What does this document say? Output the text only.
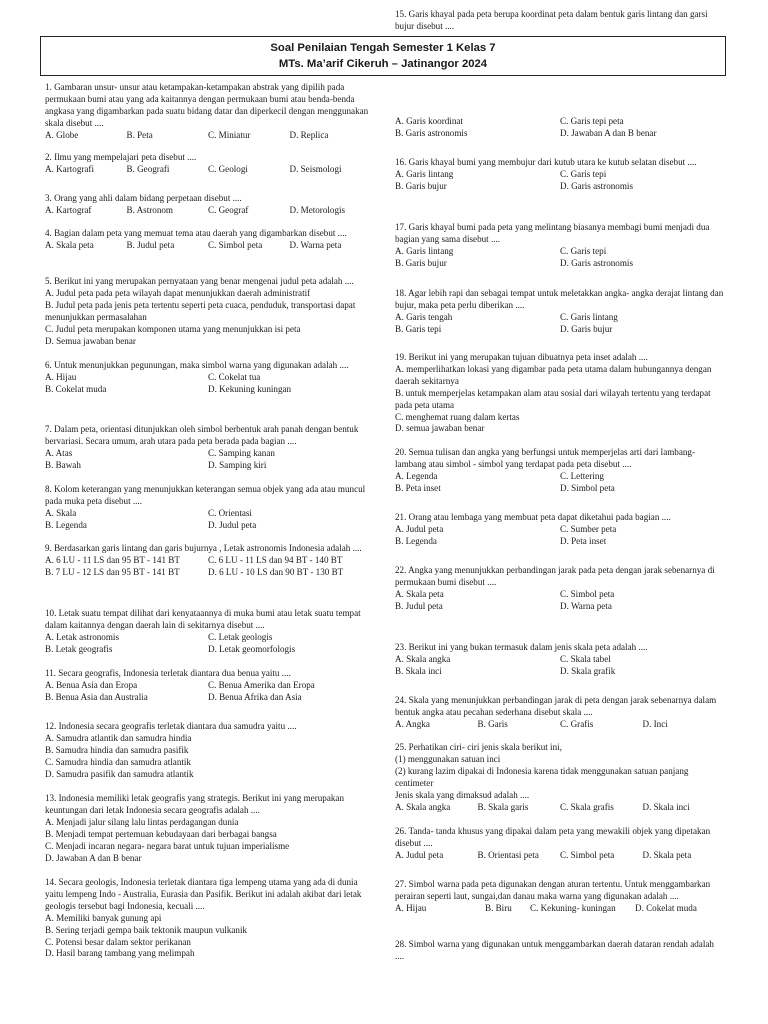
15. Garis khayal pada peta berupa koordinat peta dalam bentuk garis lintang dan garsi bujur disebut ....
Soal Penilaian Tengah Semester 1 Kelas 7
MTs. Ma’arif Cikeruh – Jatinangor 2024
1. Gambaran unsur- unsur atau ketampakan-ketampakan abstrak yang dipilih pada permukaan bumi atau yang ada kaitannya dengan permukaan bumi atau benda-benda angkasa yang digambarkan pada suatu bidang datar dan diperkecil dengan menggunakan skala disebut ....
A. Globe	B. Peta	C. Miniatur	D. Replica
2. Ilmu yang mempelajari peta disebut ....
A. Kartografi	B. Geografi	C. Geologi	D. Seismologi
3. Orang yang ahli dalam bidang perpetaan disebut ....
A. Kartograf	B. Astronom	C. Geograf	D. Metorologis
4. Bagian dalam peta yang memuat tema atau daerah yang digambarkan disebut ....
A. Skala peta	B. Judul peta	C. Simbol peta	D. Warna peta
5. Berikut ini yang merupakan pernyataan yang benar mengenai judul peta adalah ....
A. Judul peta pada peta wilayah dapat menunjukkan daerah administratif
B. Judul peta pada jenis peta tertentu seperti peta cuaca, penduduk, transportasi dapat menunjukkan permasalahan
C. Judul peta merupakan komponen utama yang menunjukkan isi peta
D. Semua jawaban benar
6. Untuk menunjukkan pegunungan, maka simbol warna yang digunakan adalah ....
A. Hijau	C. Cokelat tua
B. Cokelat muda	D. Kekuning kuningan
7. Dalam peta, orientasi ditunjukkan oleh simbol berbentuk arah panah dengan bentuk bervariasi. Secara umum, arah utara pada peta berada pada bagian ....
A. Atas	C. Samping kanan
B. Bawah	D. Samping kiri
8. Kolom keterangan yang menunjukkan keterangan semua objek yang ada atau muncul pada muka peta disebut ....
A. Skala	C. Orientasi
B. Legenda	D. Judul peta
9. Berdasarkan garis lintang dan garis bujurnya , Letak astronomis Indonesia adalah ....
A. 6 LU - 11 LS dan 95 BT - 141 BT	C. 6 LU - 11 LS dan 94 BT - 140 BT
B. 7 LU - 12 LS dan 95 BT - 141 BT	D. 6 LU - 10 LS dan 90 BT - 130 BT
10. Letak suatu tempat dilihat dari kenyataannya di muka bumi atau letak suatu tempat dalam kaitannya dengan daerah lain di sekitarnya disebut ....
A. Letak astronomis	C. Letak geologis
B. Letak geografis	D. Letak geomorfologis
11. Secara geografis, Indonesia terletak diantara dua benua yaitu ....
A. Benua Asia dan Eropa	C. Benua Amerika dan Eropa
B. Benua Asia dan Australia	D. Benua Afrika dan Asia
12. Indonesia secara geografis terletak diantara dua samudra yaitu ....
A. Samudra atlantik dan samudra hindia
B. Samudra hindia dan samudra pasifik
C. Samudra hindia dan samudra atlantik
D. Samudra pasifik dan samudra atlantik
13. Indonesia memiliki letak geografis yang strategis. Berikut ini yang merupakan keuntungan dari letak Indonesia secara geografis adalah ....
A. Menjadi jalur silang lalu lintas perdagangan dunia
B. Menjadi tempat pertemuan kebudayaan dari berbagai bangsa
C. Menjadi incaran negara- negara barat untuk tujuan imperialisme
D. Jawaban A dan B benar
14. Secara geologis, Indonesia terletak diantara tiga lempeng utama yang ada di dunia yaitu lempeng Indo - Australia, Eurasia dan Pasifik. Berikut ini adalah akibat dari letak geologis tersebut bagi Indonesia, kecuali ....
A. Memiliki banyak gunung api
B. Sering terjadi gempa baik tektonik maupun vulkanik
C. Potensi besar dalam sektor perikanan
D. Hasil barang tambang yang melimpah
A. Garis koordinat	C. Garis tepi peta
B. Garis astronomis	D. Jawaban A dan B benar
16. Garis khayal bumi yang membujur dari kutub utara ke kutub selatan disebut ....
A. Garis lintang	C. Garis tepi
B. Garis bujur	D. Garis astronomis
17. Garis khayal bumi pada peta yang melintang biasanya membagi bumi menjadi dua bagian yang sama disebut ....
A. Garis lintang	C. Garis tepi
B. Garis bujur	D. Garis astronomis
18. Agar lebih rapi dan sebagai tempat untuk meletakkan angka- angka derajat lintang dan bujur, maka peta perlu diberikan ....
A. Garis tengah	C. Garis lintang
B. Garis tepi	D. Garis bujur
19. Berikut ini yang merupakan tujuan dibuatnya peta inset adalah ....
A. memperlihatkan lokasi yang digambar pada peta utama dalam hubungannya dengan daerah sekitarnya
B. untuk memperjelas ketampakan alam atau sosial dari wilayah tertentu yang terdapat pada peta utama
C. menghemat ruang dalam kertas
D. semua jawaban benar
20. Semua tulisan dan angka yang berfungsi untuk memperjelas arti dari lambang- lambang atau simbol - simbol yang terdapat pada peta disebut ....
A. Legenda	C. Lettering
B. Peta inset	D. Simbol peta
21. Orang atau lembaga yang membuat peta dapat diketahui pada bagian ....
A. Judul peta	C. Sumber peta
B. Legenda	D. Peta inset
22. Angka yang menunjukkan perbandingan jarak pada peta dengan jarak sebenarnya di permukaan bumi disebut ....
A. Skala peta	C. Simbol peta
B. Judul peta	D. Warna peta
23. Berikut ini yang bukan termasuk dalam jenis skala peta adalah ....
A. Skala angka	C. Skala tabel
B. Skala inci	D. Skala grafik
24. Skala yang menunjukkan perbandingan jarak di peta dengan jarak sebenarnya dalam bentuk angka atau pecahan sederhana disebut skala ....
A. Angka	B. Garis	C. Grafis	D. Inci
25. Perhatikan ciri- ciri jenis skala berikut ini,
(1) menggunakan satuan inci
(2) kurang lazim dipakai di Indonesia karena tidak menggunakan satuan panjang centimeter
Jenis skala yang dimaksud adalah ....
A. Skala angka	B. Skala garis	C. Skala grafis	D. Skala inci
26. Tanda- tanda khusus yang dipakai dalam peta yang mewakili objek yang dipetakan disebut ....
A. Judul peta	B. Orientasi peta	C. Simbol peta	D. Skala peta
27. Simbol warna pada peta digunakan dengan aturan tertentu. Untuk menggambarkan perairan seperti laut, sungai,dan danau maka warna yang digunakan adalah ....
A. Hijau	B. Biru	C. Kekuning- kuningan	D. Cokelat muda
28. Simbol warna yang digunakan untuk menggambarkan daerah dataran rendah adalah ....
